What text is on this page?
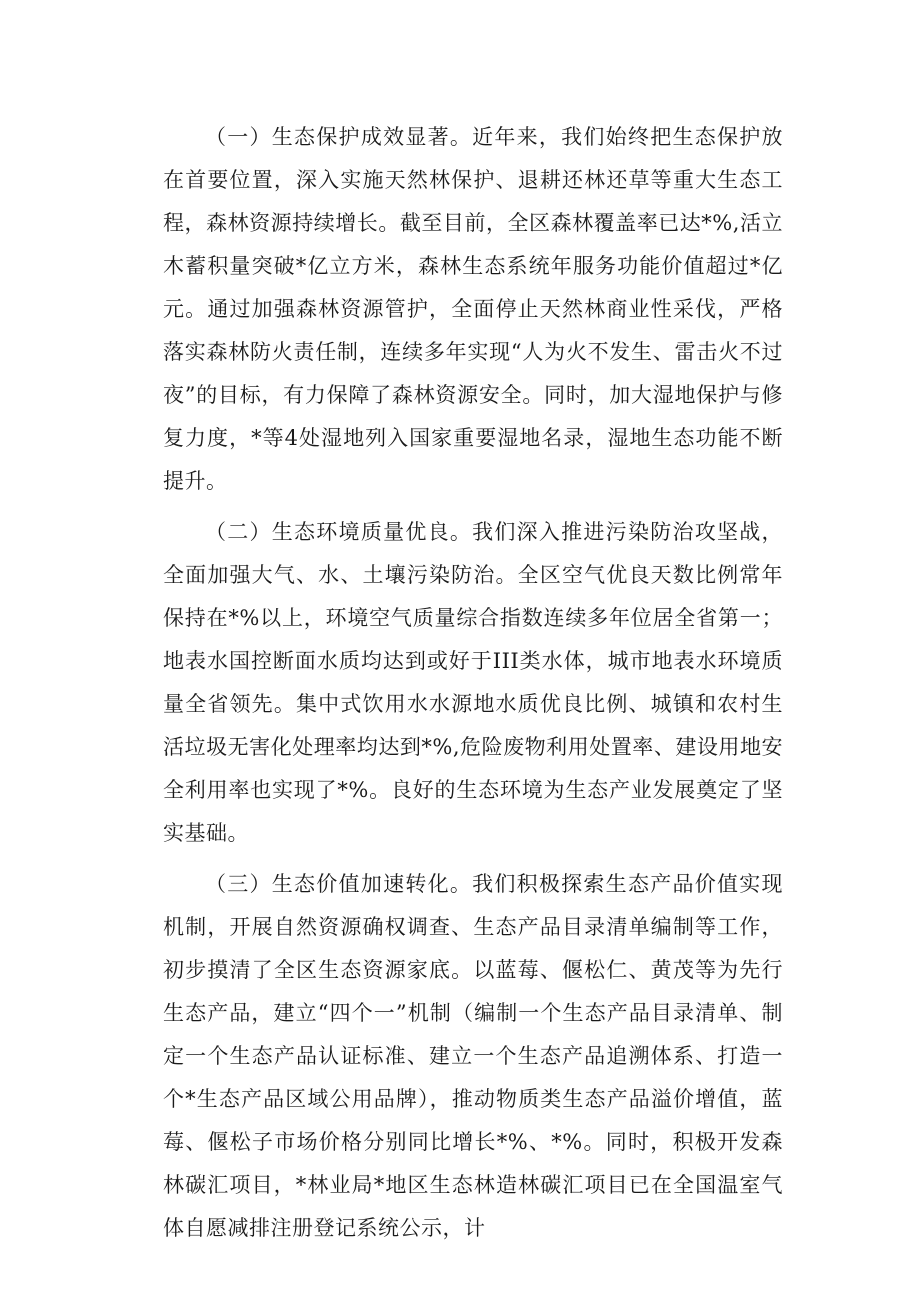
（一）生态保护成效显著。近年来，我们始终把生态保护放在首要位置，深入实施天然林保护、退耕还林还草等重大生态工程，森林资源持续增长。截至目前，全区森林覆盖率已达*%,活立木蓄积量突破*亿立方米，森林生态系统年服务功能价值超过*亿元。通过加强森林资源管护，全面停止天然林商业性采伐，严格落实森林防火责任制，连续多年实现“人为火不发生、雷击火不过夜”的目标，有力保障了森林资源安全。同时，加大湿地保护与修复力度，*等4处湿地列入国家重要湿地名录，湿地生态功能不断提升。

（二）生态环境质量优良。我们深入推进污染防治攻坚战，全面加强大气、水、土壤污染防治。全区空气优良天数比例常年保持在*%以上，环境空气质量综合指数连续多年位居全省第一；地表水国控断面水质均达到或好于III类水体，城市地表水环境质量全省领先。集中式饮用水水源地水质优良比例、城镇和农村生活垃圾无害化处理率均达到*%,危险废物利用处置率、建设用地安全利用率也实现了*%。良好的生态环境为生态产业发展奠定了坚实基础。

（三）生态价值加速转化。我们积极探索生态产品价值实现机制，开展自然资源确权调查、生态产品目录清单编制等工作，初步摸清了全区生态资源家底。以蓝莓、偃松仁、黄茂等为先行生态产品，建立“四个一”机制（编制一个生态产品目录清单、制定一个生态产品认证标准、建立一个生态产品追溯体系、打造一个*生态产品区域公用品牌），推动物质类生态产品溢价增值，蓝莓、偃松子市场价格分别同比增长*%、*%。同时，积极开发森林碳汇项目，*林业局*地区生态林造林碳汇项目已在全国温室气体自愿减排注册登记系统公示，计
